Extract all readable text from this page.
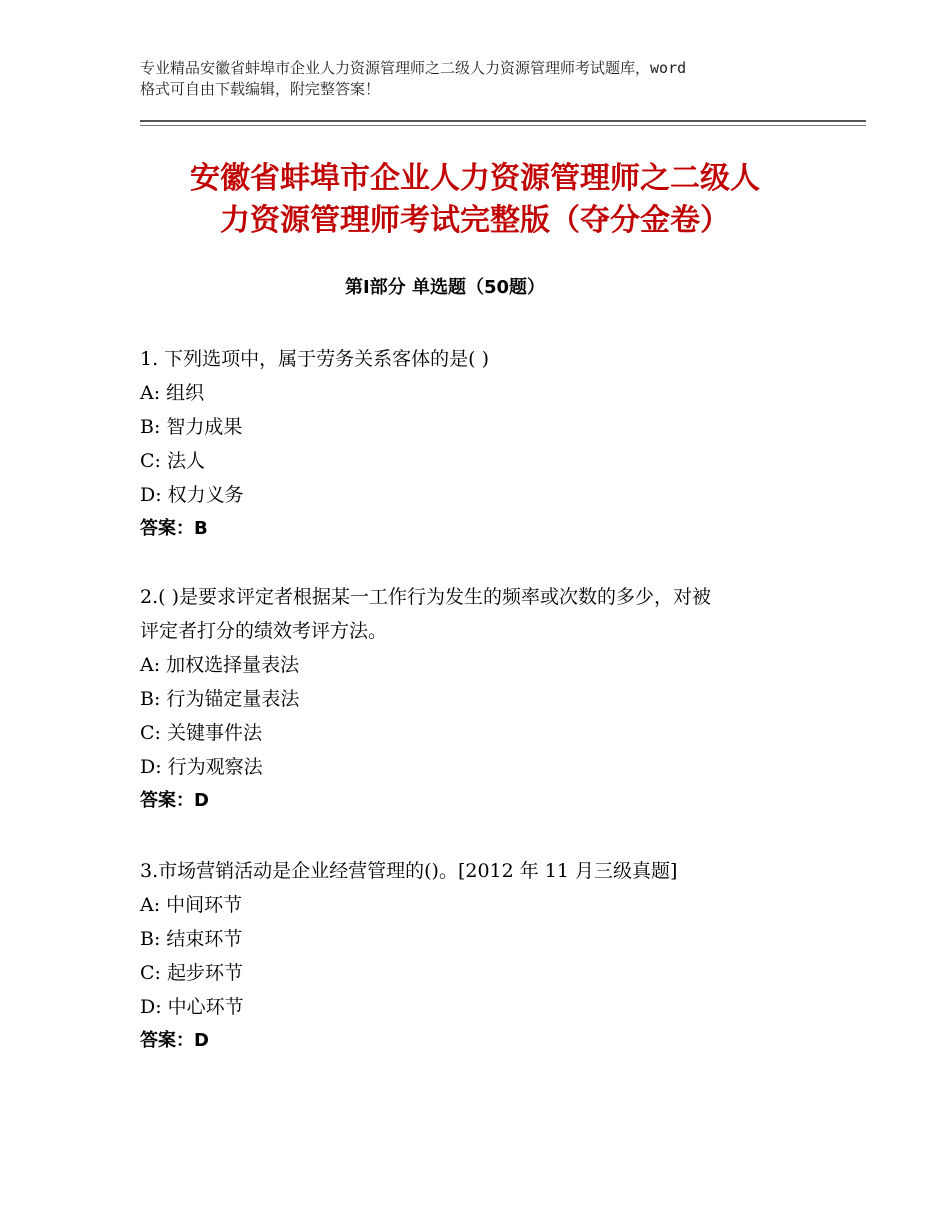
专业精品安徽省蚌埠市企业人力资源管理师之二级人力资源管理师考试题库，word
格式可自由下载编辑，附完整答案！
安徽省蚌埠市企业人力资源管理师之二级人
力资源管理师考试完整版（夺分金卷）
第Ⅰ部分 单选题（50题）

1. 下列选项中，属于劳务关系客体的是( )

A: 组织

B: 智力成果

C: 法人

D: 权力义务

答案：B

2.( )是要求评定者根据某一工作行为发生的频率或次数的多少，对被

评定者打分的绩效考评方法。

A: 加权选择量表法

B: 行为锚定量表法

C: 关键事件法

D: 行为观察法

答案：D

3.市场营销活动是企业经营管理的()。[2012 年 11 月三级真题]

A: 中间环节

B: 结束环节

C: 起步环节

D: 中心环节

答案：D
